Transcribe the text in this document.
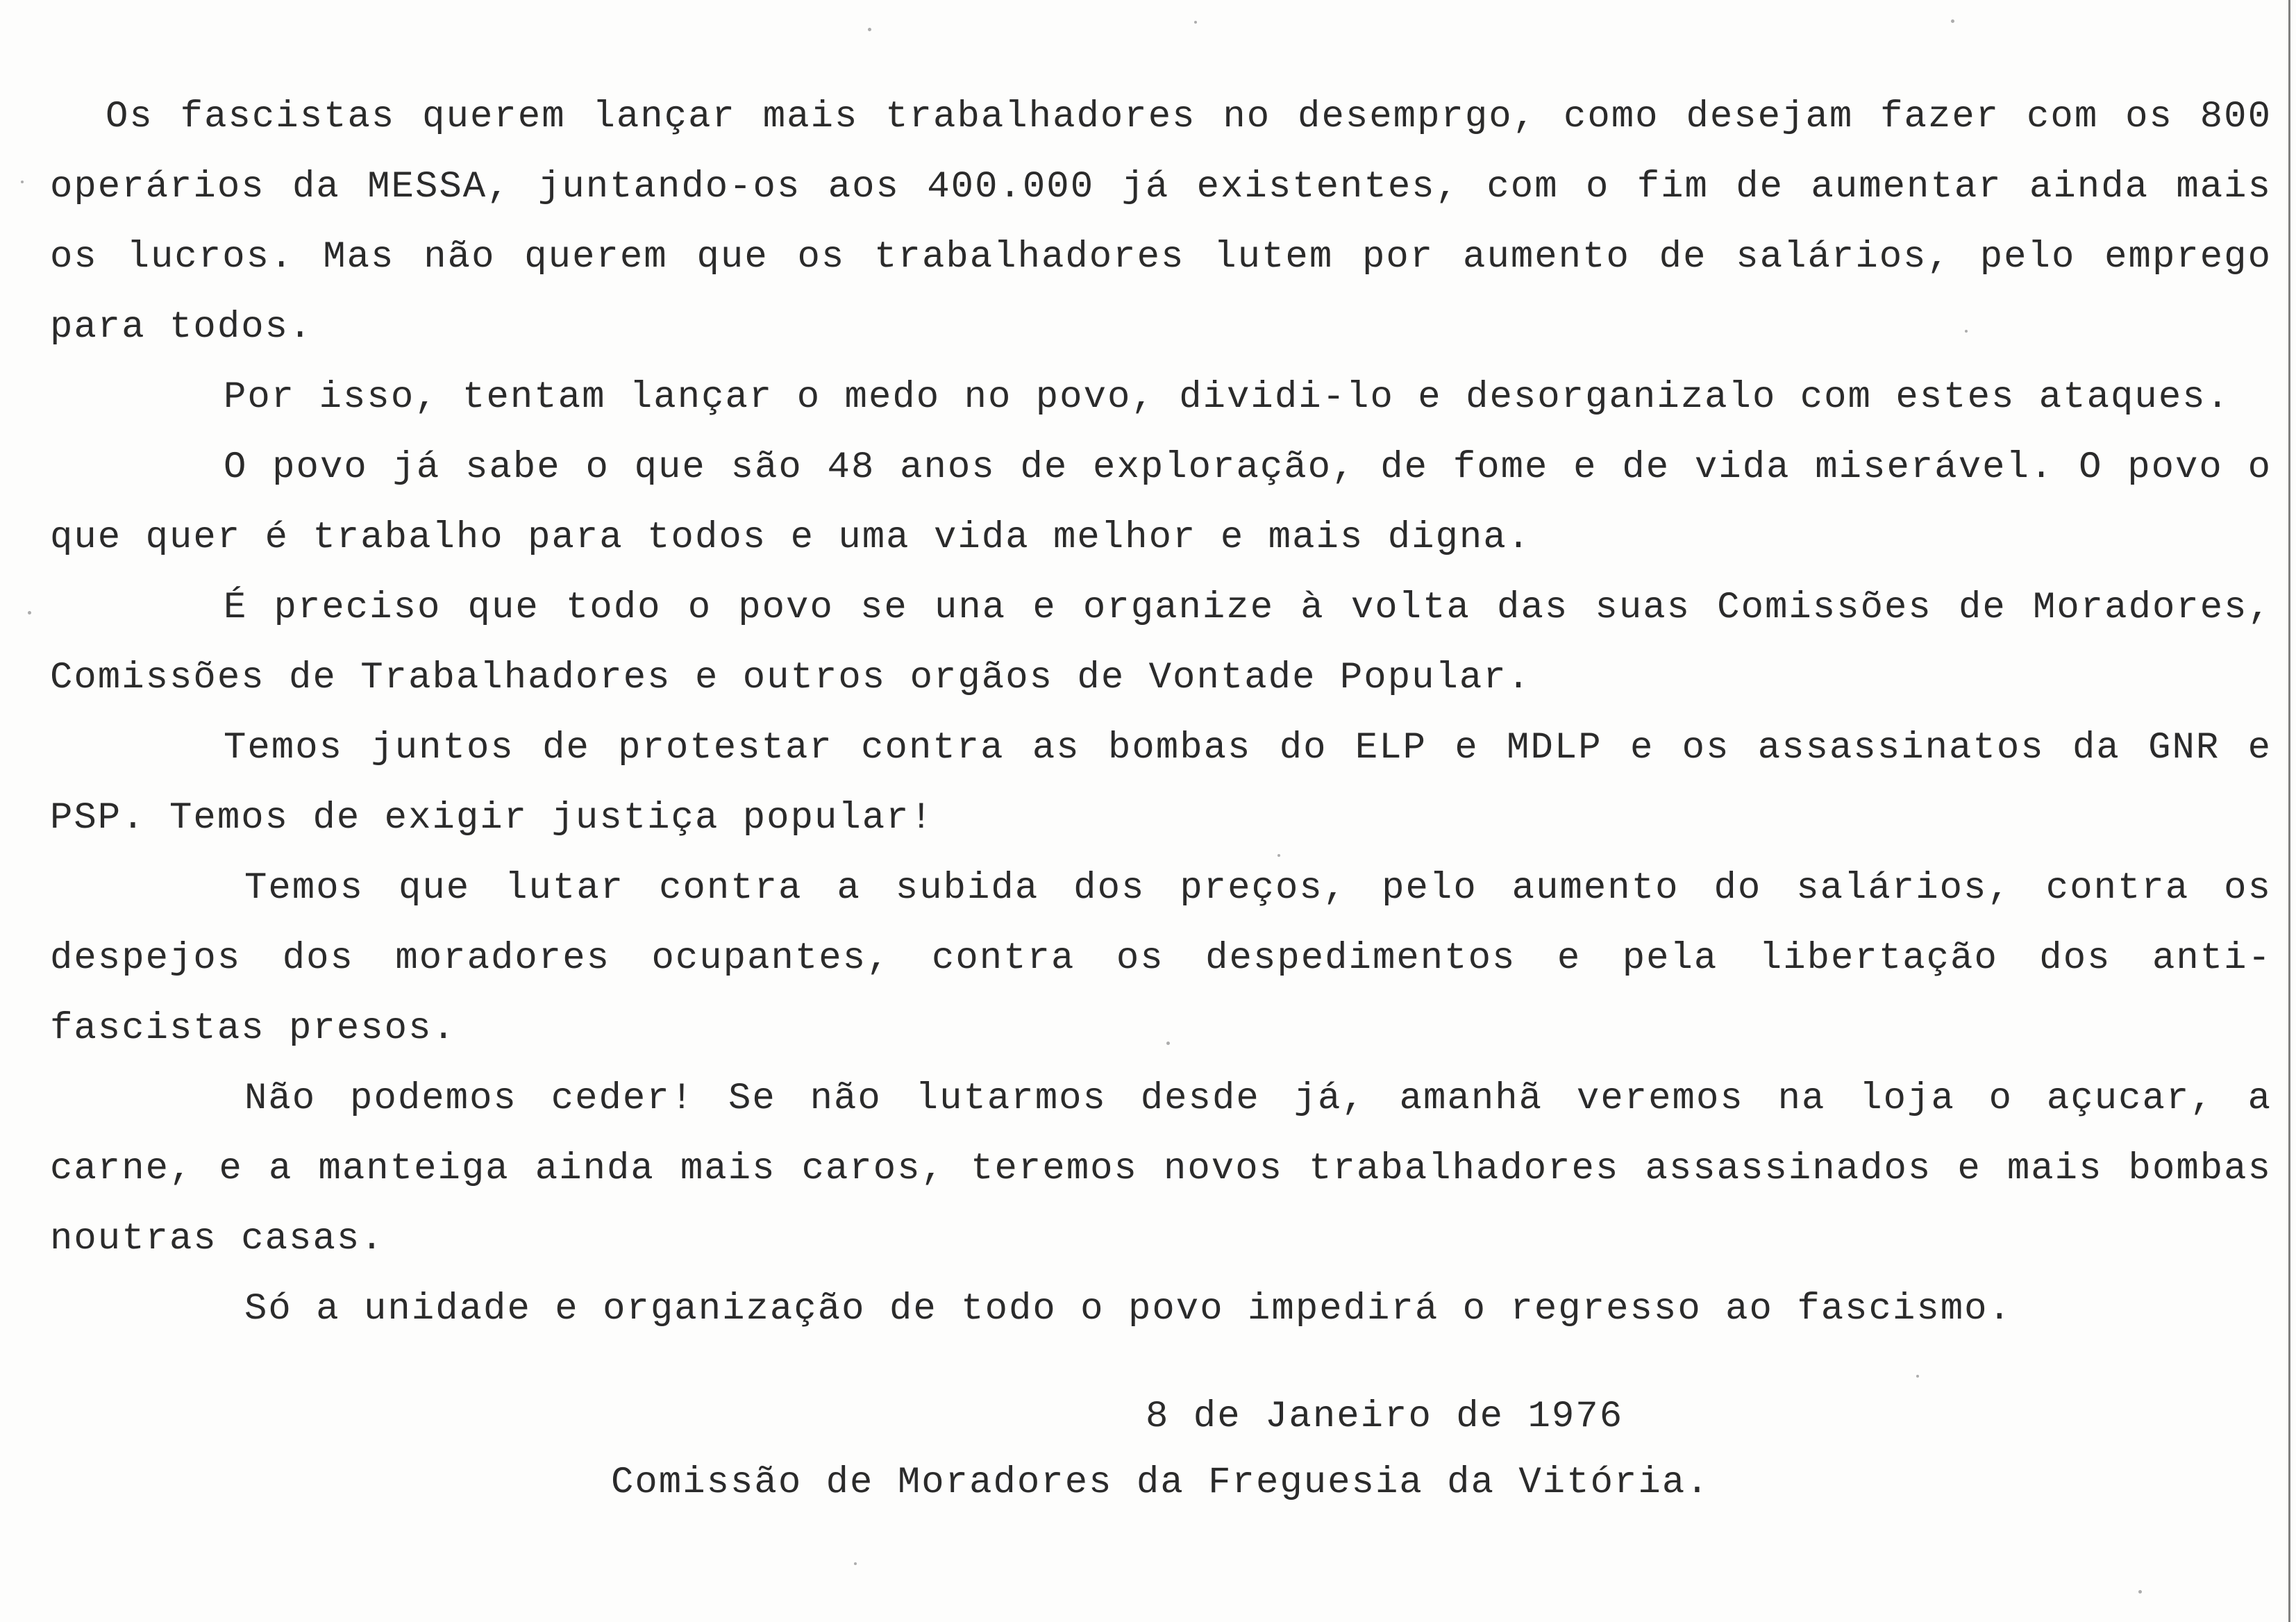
Os fascistas querem lançar mais trabalhadores no desemprgo, como desejam fazer com os 800 operários da MESSA, juntando-os aos 400.000 já existentes, com o fim de aumentar ainda mais os lucros. Mas não querem que os trabalhadores lutem por aumento de salários, pelo emprego para todos.

Por isso, tentam lançar o medo no povo, dividi-lo e desorganizalo com estes ataques.

O povo já sabe o que são 48 anos de exploração, de fome e de vida miserável. O povo o que quer é trabalho para todos e uma vida melhor e mais digna.

É preciso que todo o povo se una e organize à volta das suas Comissões de Moradores, Comissões de Trabalhadores e outros orgãos de Vontade Popular.

Temos juntos de protestar contra as bombas do ELP e MDLP e os assassinatos da GNR e PSP. Temos de exigir justiça popular!

Temos que lutar contra a subida dos preços, pelo aumento do salários, contra os despejos dos moradores ocupantes, contra os despedimentos e pela libertação dos anti-fascistas presos.

Não podemos ceder! Se não lutarmos desde já, amanhã veremos na loja o açucar, a carne, e a manteiga ainda mais caros, teremos novos trabalhadores assassinados e mais bombas noutras casas.

Só a unidade e organização de todo o povo impedirá o regresso ao fascismo.

8 de Janeiro de 1976
Comissão de Moradores da Freguesia da Vitória.
